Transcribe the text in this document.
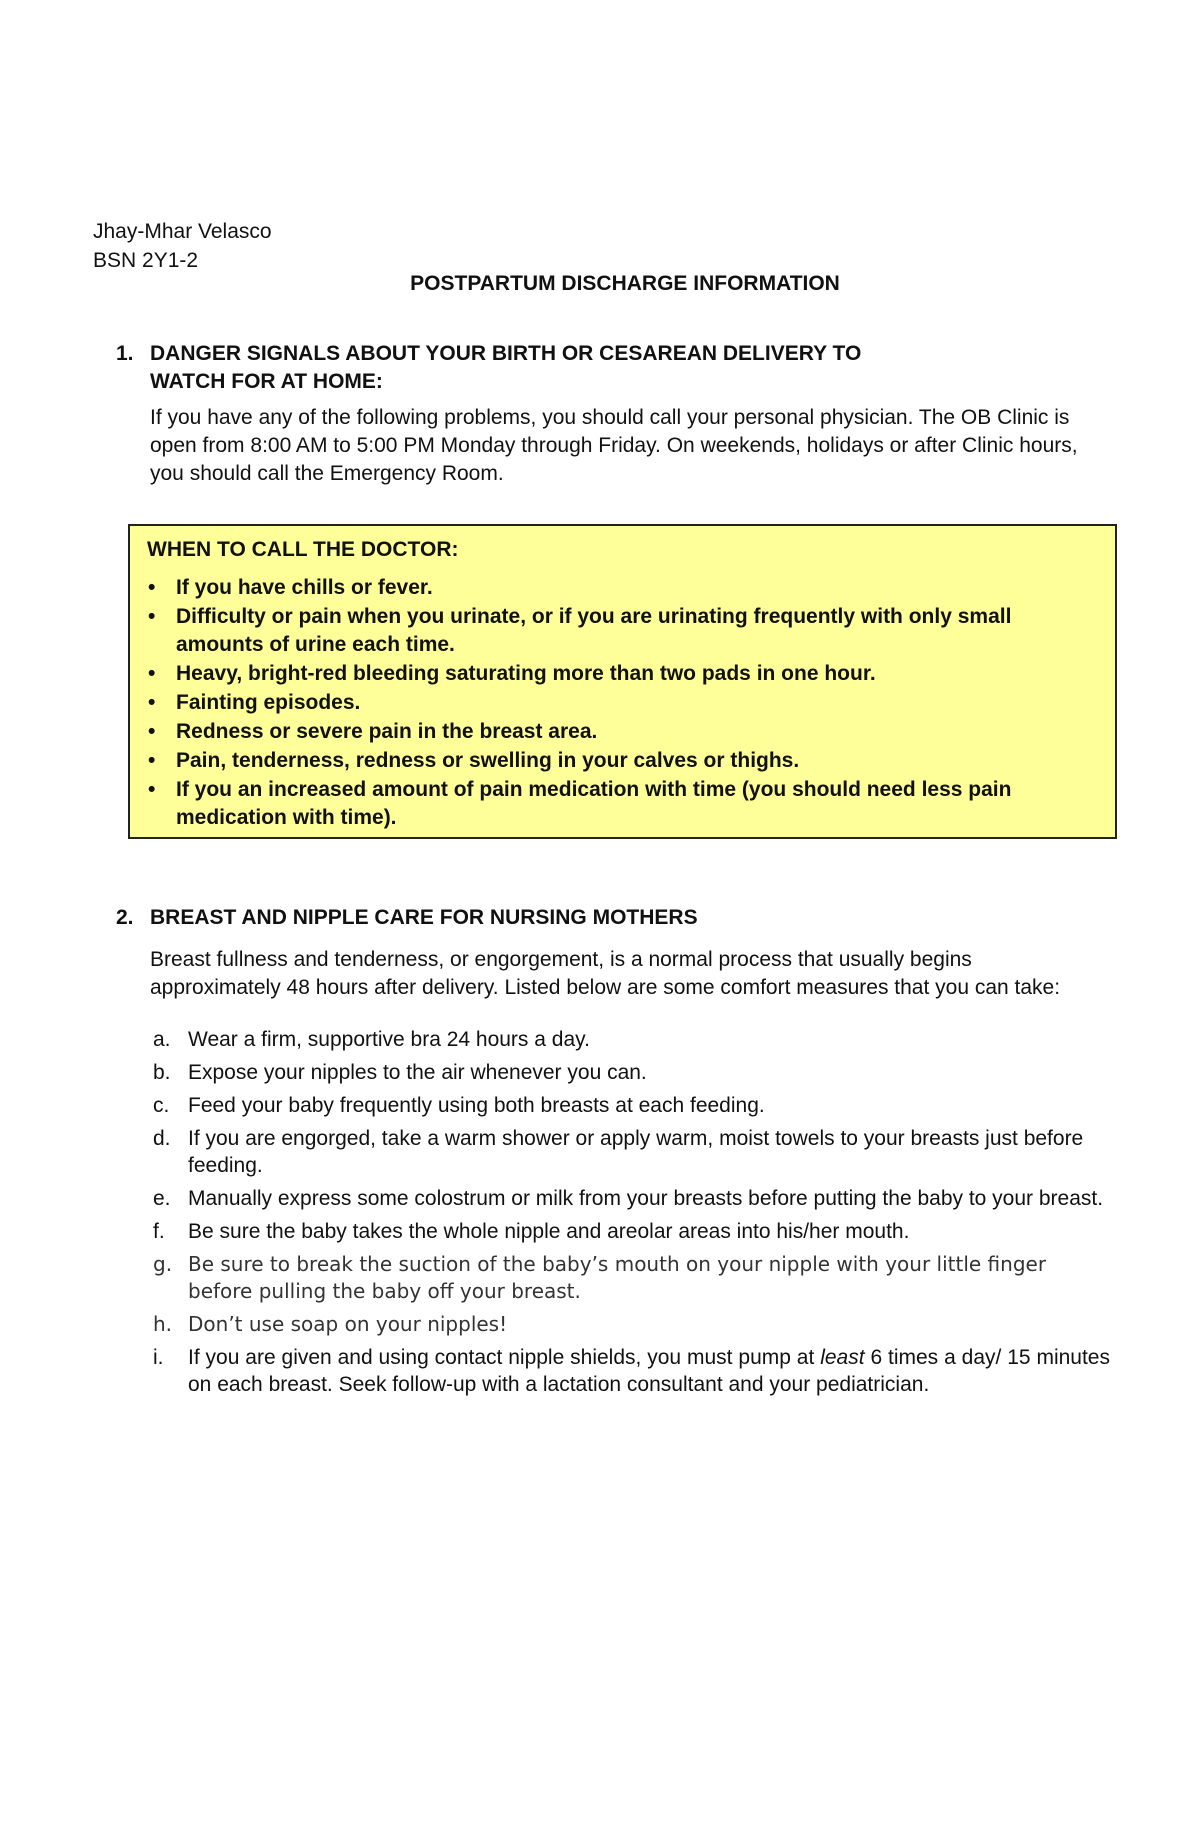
Jhay-Mhar Velasco
BSN 2Y1-2
POSTPARTUM DISCHARGE INFORMATION
1. DANGER SIGNALS ABOUT YOUR BIRTH OR CESAREAN DELIVERY TO
WATCH FOR AT HOME:
If you have any of the following problems, you should call your personal physician. The OB Clinic is open from 8:00 AM to 5:00 PM Monday through Friday. On weekends, holidays or after Clinic hours, you should call the Emergency Room.
WHEN TO CALL THE DOCTOR:
• If you have chills or fever.
• Difficulty or pain when you urinate, or if you are urinating frequently with only small amounts of urine each time.
• Heavy, bright-red bleeding saturating more than two pads in one hour.
• Fainting episodes.
• Redness or severe pain in the breast area.
• Pain, tenderness, redness or swelling in your calves or thighs.
• If you an increased amount of pain medication with time (you should need less pain medication with time).
2. BREAST AND NIPPLE CARE FOR NURSING MOTHERS
Breast fullness and tenderness, or engorgement, is a normal process that usually begins approximately 48 hours after delivery. Listed below are some comfort measures that you can take:
a. Wear a firm, supportive bra 24 hours a day.
b. Expose your nipples to the air whenever you can.
c. Feed your baby frequently using both breasts at each feeding.
d. If you are engorged, take a warm shower or apply warm, moist towels to your breasts just before feeding.
e. Manually express some colostrum or milk from your breasts before putting the baby to your breast.
f. Be sure the baby takes the whole nipple and areolar areas into his/her mouth.
g. Be sure to break the suction of the baby’s mouth on your nipple with your little finger before pulling the baby off your breast.
h. Don’t use soap on your nipples!
i. If you are given and using contact nipple shields, you must pump at least 6 times a day/ 15 minutes on each breast. Seek follow-up with a lactation consultant and your pediatrician.
